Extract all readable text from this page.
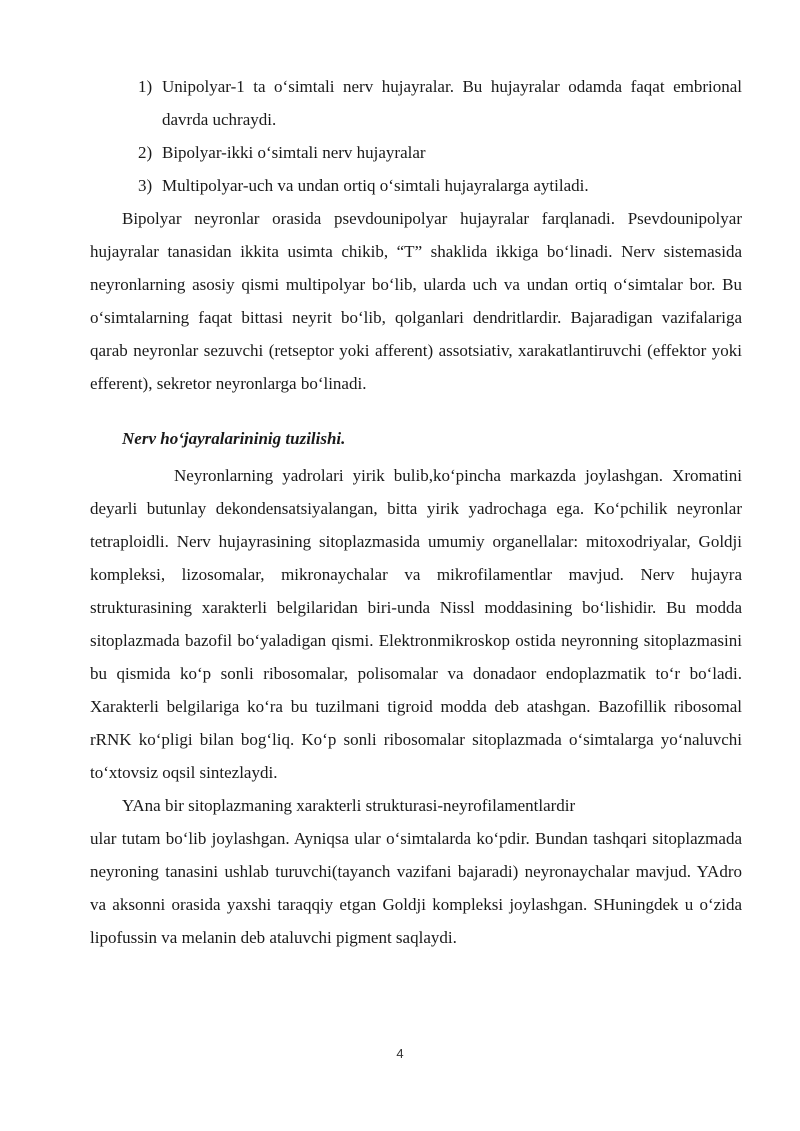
1) Unipolyar-1 ta o‘simtali nerv hujayralar. Bu hujayralar odamda faqat embrional davrda uchraydi.
2) Bipolyar-ikki o‘simtali nerv hujayralar
3) Multipolyar-uch va undan ortiq o‘simtali hujayralarga aytiladi.

Bipolyar neyronlar orasida psevdounipolyar hujayralar farqlanadi. Psevdounipolyar hujayralar tanasidan ikkita usimta chikib, “T” shaklida ikkiga bo‘linadi. Nerv sistemasida neyronlarning asosiy qismi multipolyar bo‘lib, ularda uch va undan ortiq o‘simtalar bor. Bu o‘simtalarning faqat bittasi neyrit bo‘lib, qolganlari dendritlardir. Bajaradigan vazifalariga qarab neyronlar sezuvchi (retseptor yoki afferent) assotsiativ, xarakatlantiruvchi (effektor yoki efferent), sekretor neyronlarga bo‘linadi.

Nerv ho‘jayralarininig tuzilishi.

Neyronlarning yadrolari yirik bulib,ko‘pincha markazda joylashgan. Xromatini deyarli butunlay dekondensatsiyalangan, bitta yirik yadrochaga ega. Ko‘pchilik neyronlar tetraploidli. Nerv hujayrasining sitoplazmasida umumiy organellalar: mitoxodriyalar, Goldji kompleksi, lizosomalar, mikronaychalar va mikrofilamentlar mavjud. Nerv hujayra strukturasining xarakterli belgilaridan biri-unda Nissl moddasining bo‘lishidir. Bu modda sitoplazmada bazofil bo‘yaladigan qismi. Elektronmikroskop ostida neyronning sitoplazmasini bu qismida ko‘p sonli ribosomalar, polisomalar va donadaor endoplazmatik to‘r bo‘ladi. Xarakterli belgilariga ko‘ra bu tuzilmani tigroid modda deb atashgan. Bazofillik ribosomal rRNK ko‘pligi bilan bog‘liq. Ko‘p sonli ribosomalar sitoplazmada o‘simtalarga yo‘naluvchi to‘xtovsiz oqsil sintezlaydi.

YAna bir sitoplazmaning xarakterli strukturasi-neyrofilamentlardir

ular tutam bo‘lib joylashgan. Ayniqsa ular o‘simtalarda ko‘pdir. Bundan tashqari sitoplazmada neyroning tanasini ushlab turuvchi(tayanch vazifani bajaradi) neyronaychalar mavjud. YAdro va aksonni orasida yaxshi taraqqiy etgan Goldji kompleksi joylashgan. SHuningdek u o‘zida lipofussin va melanin deb ataluvchi pigment saqlaydi.

4
